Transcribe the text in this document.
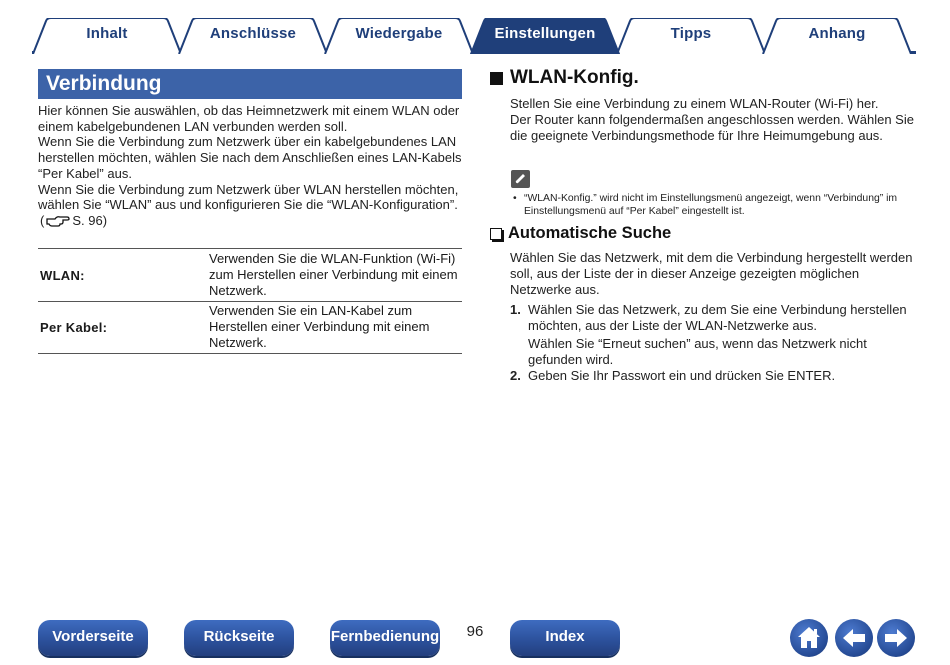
Inhalt	Anschlüsse	Wiedergabe	Tipps	Anhang
Einstellungen
Verbindung

Hier können Sie auswählen, ob das Heimnetzwerk mit einem WLAN oder einem kabelgebundenen LAN verbunden werden soll.

Wenn Sie die Verbindung zum Netzwerk über ein kabelgebundenes LAN herstellen möchten, wählen Sie nach dem Anschließen eines LAN-Kabels “Per Kabel” aus.

Wenn Sie die Verbindung zum Netzwerk über WLAN herstellen möchten, wählen Sie “WLAN” aus und konfigurieren Sie die “WLAN-Konfiguration”.

( S. 96)

WLAN:	Verwenden Sie die WLAN-Funktion (Wi-Fi) zum Herstellen einer Verbindung mit einem Netzwerk.
Per Kabel:	Verwenden Sie ein LAN-Kabel zum Herstellen einer Verbindung mit einem Netzwerk.
WLAN-Konfig.

Stellen Sie eine Verbindung zu einem WLAN-Router (Wi-Fi) her.

Der Router kann folgendermaßen angeschlossen werden. Wählen Sie die geeignete Verbindungsmethode für Ihre Heimumgebung aus.

• “WLAN-Konfig.” wird nicht im Einstellungsmenü angezeigt, wenn “Verbindung” im Einstellungsmenü auf “Per Kabel” eingestellt ist.
Automatische Suche
Wählen Sie das Netzwerk, mit dem die Verbindung hergestellt werden soll, aus der Liste der in dieser Anzeige gezeigten möglichen Netzwerke aus.
1. Wählen Sie das Netzwerk, zu dem Sie eine Verbindung herstellen möchten, aus der Liste der WLAN-Netzwerke aus.
Wählen Sie “Erneut suchen” aus, wenn das Netzwerk nicht gefunden wird.
2. Geben Sie Ihr Passwort ein und drücken Sie ENTER.
Vorderseite	Rückseite	Fernbedienung	96	Index
